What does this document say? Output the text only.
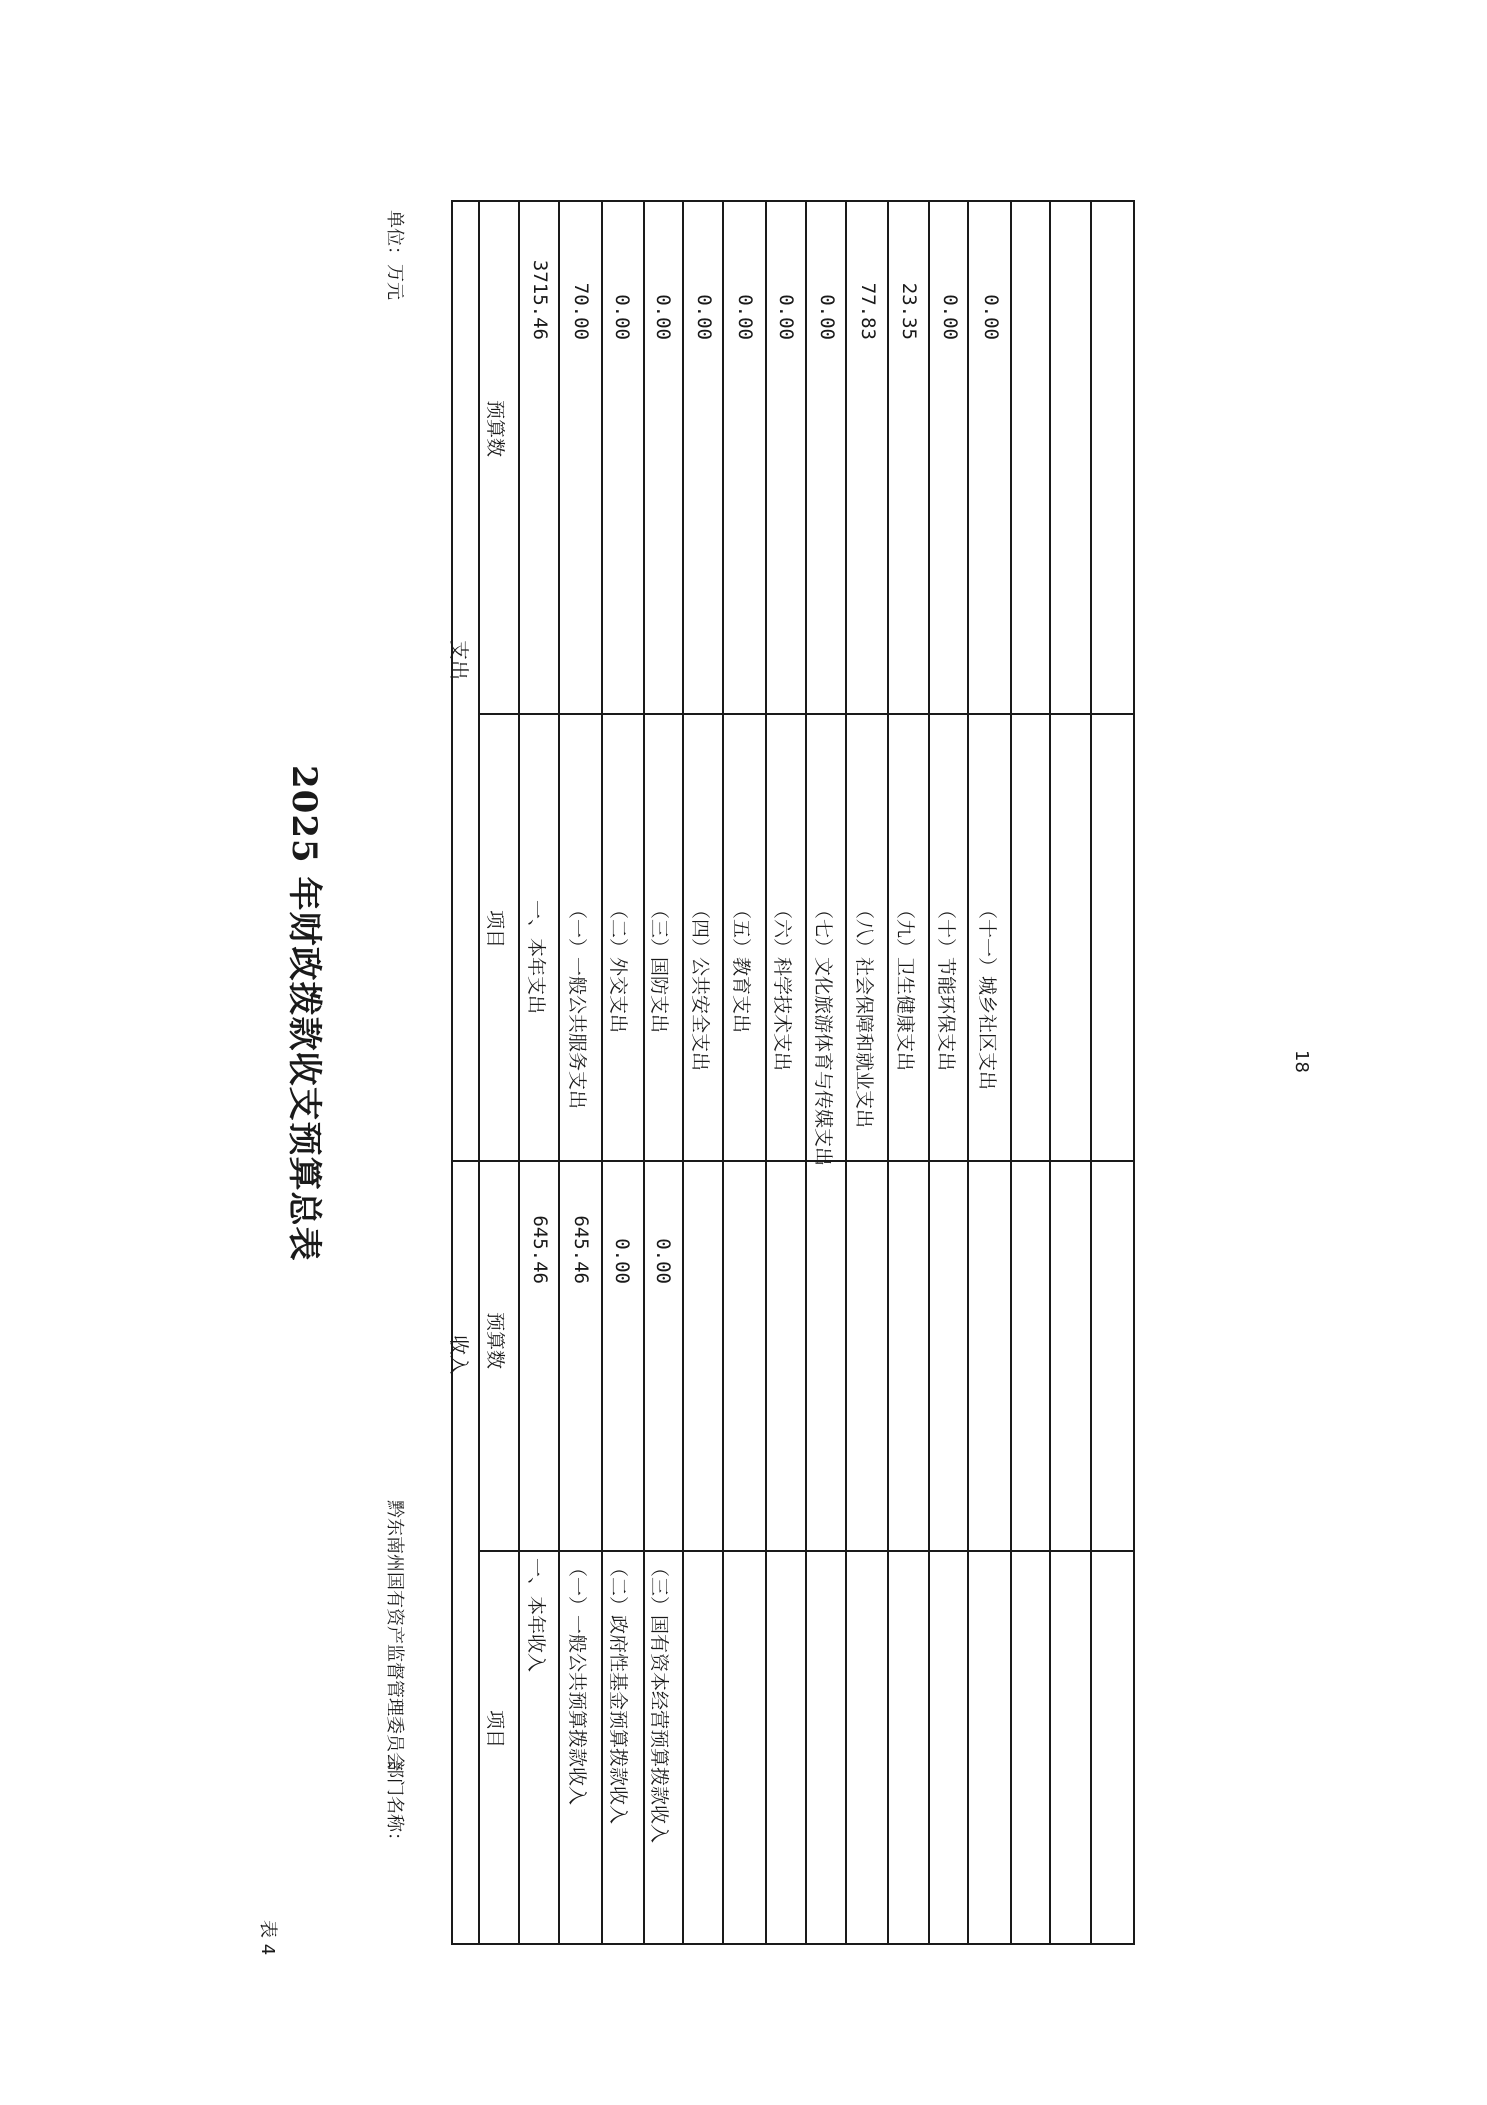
表 4
2025 年财政拨款收支预算总表
部门名称：
黔东南州国有资产监督管理委员会
单位：万元
18
收入
支出
项目
预算数
项目
预算数
一、本年收入
645.46
（一）一般公共预算拨款收入
645.46
（二）政府性基金预算拨款收入
0.00
（三）国有资本经营预算拨款收入
0.00
一、本年支出
3715.46
（一）一般公共服务支出
70.00
（二）外交支出
0.00
（三）国防支出
0.00
（四）公共安全支出
0.00
（五）教育支出
0.00
（六）科学技术支出
0.00
（七）文化旅游体育与传媒支出
0.00
（八）社会保障和就业支出
77.83
（九）卫生健康支出
23.35
（十）节能环保支出
0.00
（十一）城乡社区支出
0.00
